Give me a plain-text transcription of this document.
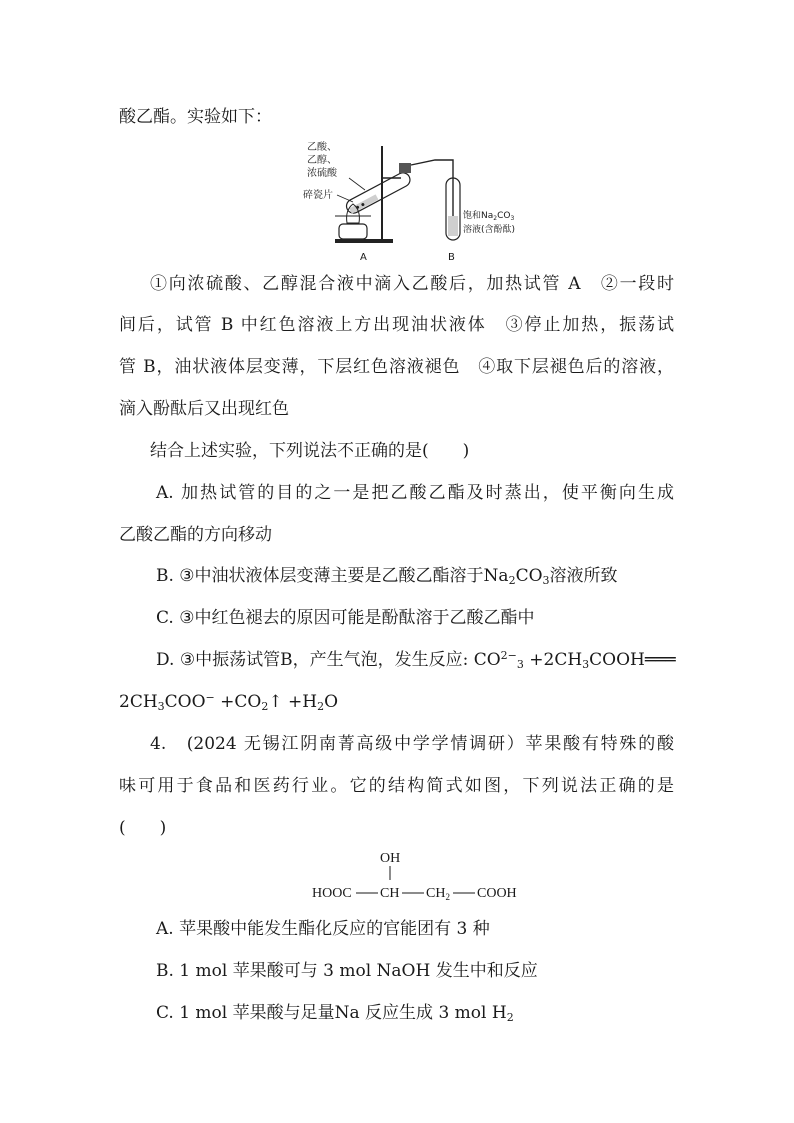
酸乙酯。实验如下：
乙酸、
乙醇、
浓硫酸
碎瓷片
A	B
饱和$Na_2CO_3$
溶液(含酚酞)
①向浓硫酸、乙醇混合液中滴入乙酸后，加热试管 A　②一段时
间后，试管 B 中红色溶液上方出现油状液体　③停止加热，振荡试
管 B，油状液体层变薄，下层红色溶液褪色　④取下层褪色后的溶液，
滴入酚酞后又出现红色
结合上述实验，下列说法不正确的是(　　)
A. 加热试管的目的之一是把乙酸乙酯及时蒸出，使平衡向生成
乙酸乙酯的方向移动
B. ③中油状液体层变薄主要是乙酸乙酯溶于$Na_2CO_3$溶液所致
C. ③中红色褪去的原因可能是酚酞溶于乙酸乙酯中
D. ③中振荡试管B，产生气泡，发生反应: $CO^{2-}_3$ $+2CH_3COOH═══$
$2CH_3COO^-$ $+CO_2↑ +H_2O$
4.　(2024 无锡江阴南菁高级中学学情调研）苹果酸有特殊的酸
味可用于食品和医药行业。它的结构简式如图，下列说法正确的是
(　　)
OH
HOOC CH $CH_2$ COOH
A. 苹果酸中能发生酯化反应的官能团有 3 种
B. 1 mol 苹果酸可与 3 mol NaOH 发生中和反应
C. 1 mol 苹果酸与足量Na 反应生成 3 mol $H_2$
